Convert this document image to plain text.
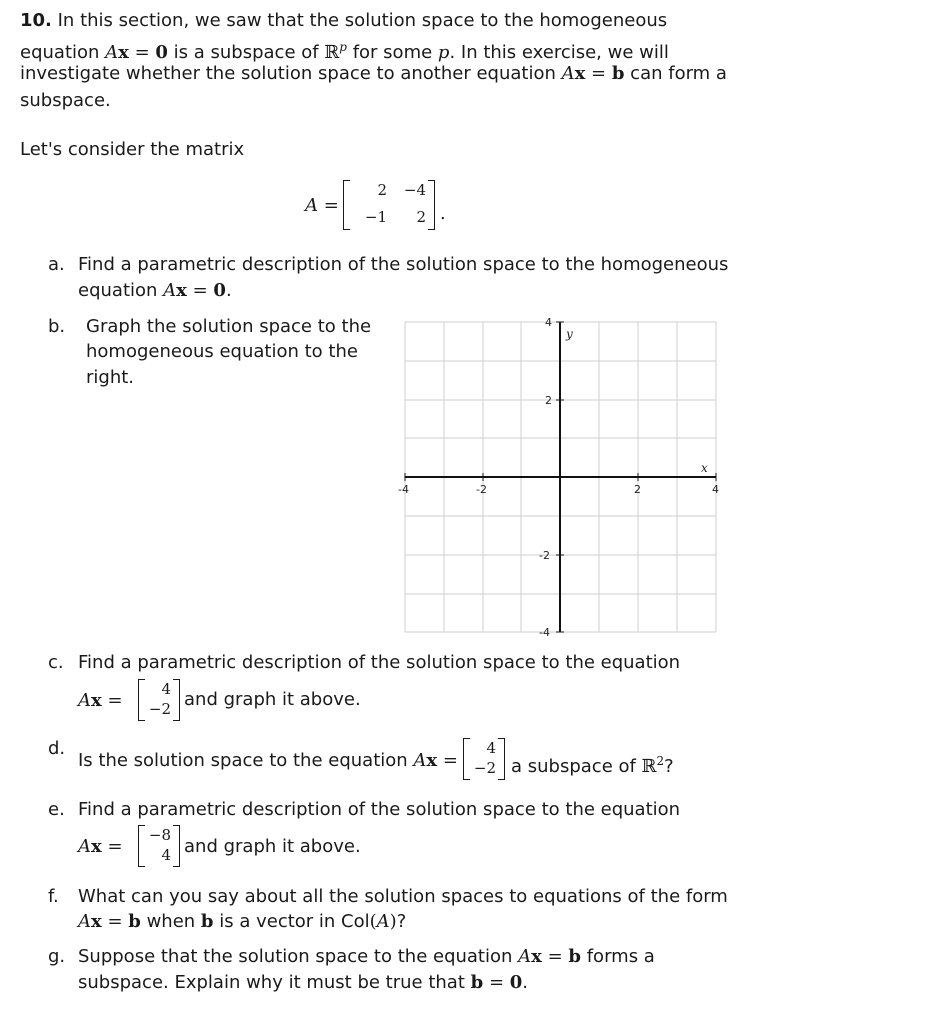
10. In this section, we saw that the solution space to the homogeneous
equation Ax = 0 is a subspace of ℝ$^p$ for some p. In this exercise, we will
investigate whether the solution space to another equation Ax = b can form a
subspace.
Let's consider the matrix
A =
2 −4
−1 2 .
a. Find a parametric description of the solution space to the homogeneous
equation Ax = 0.
b. Graph the solution space to the
homogeneous equation to the
right.
-4	-2	2	4
4
2
-2
-4
x
y
c. Find a parametric description of the solution space to the equation
Ax =
4
−2 and graph it above.
d.
Is the solution space to the equation Ax =
4
−2 a subspace of ℝ$^2$?
e. Find a parametric description of the solution space to the equation
Ax =
−8
4 and graph it above.
f. What can you say about all the solution spaces to equations of the form
Ax = b when b is a vector in Col(A)?
g. Suppose that the solution space to the equation Ax = b forms a
subspace. Explain why it must be true that b = 0.
